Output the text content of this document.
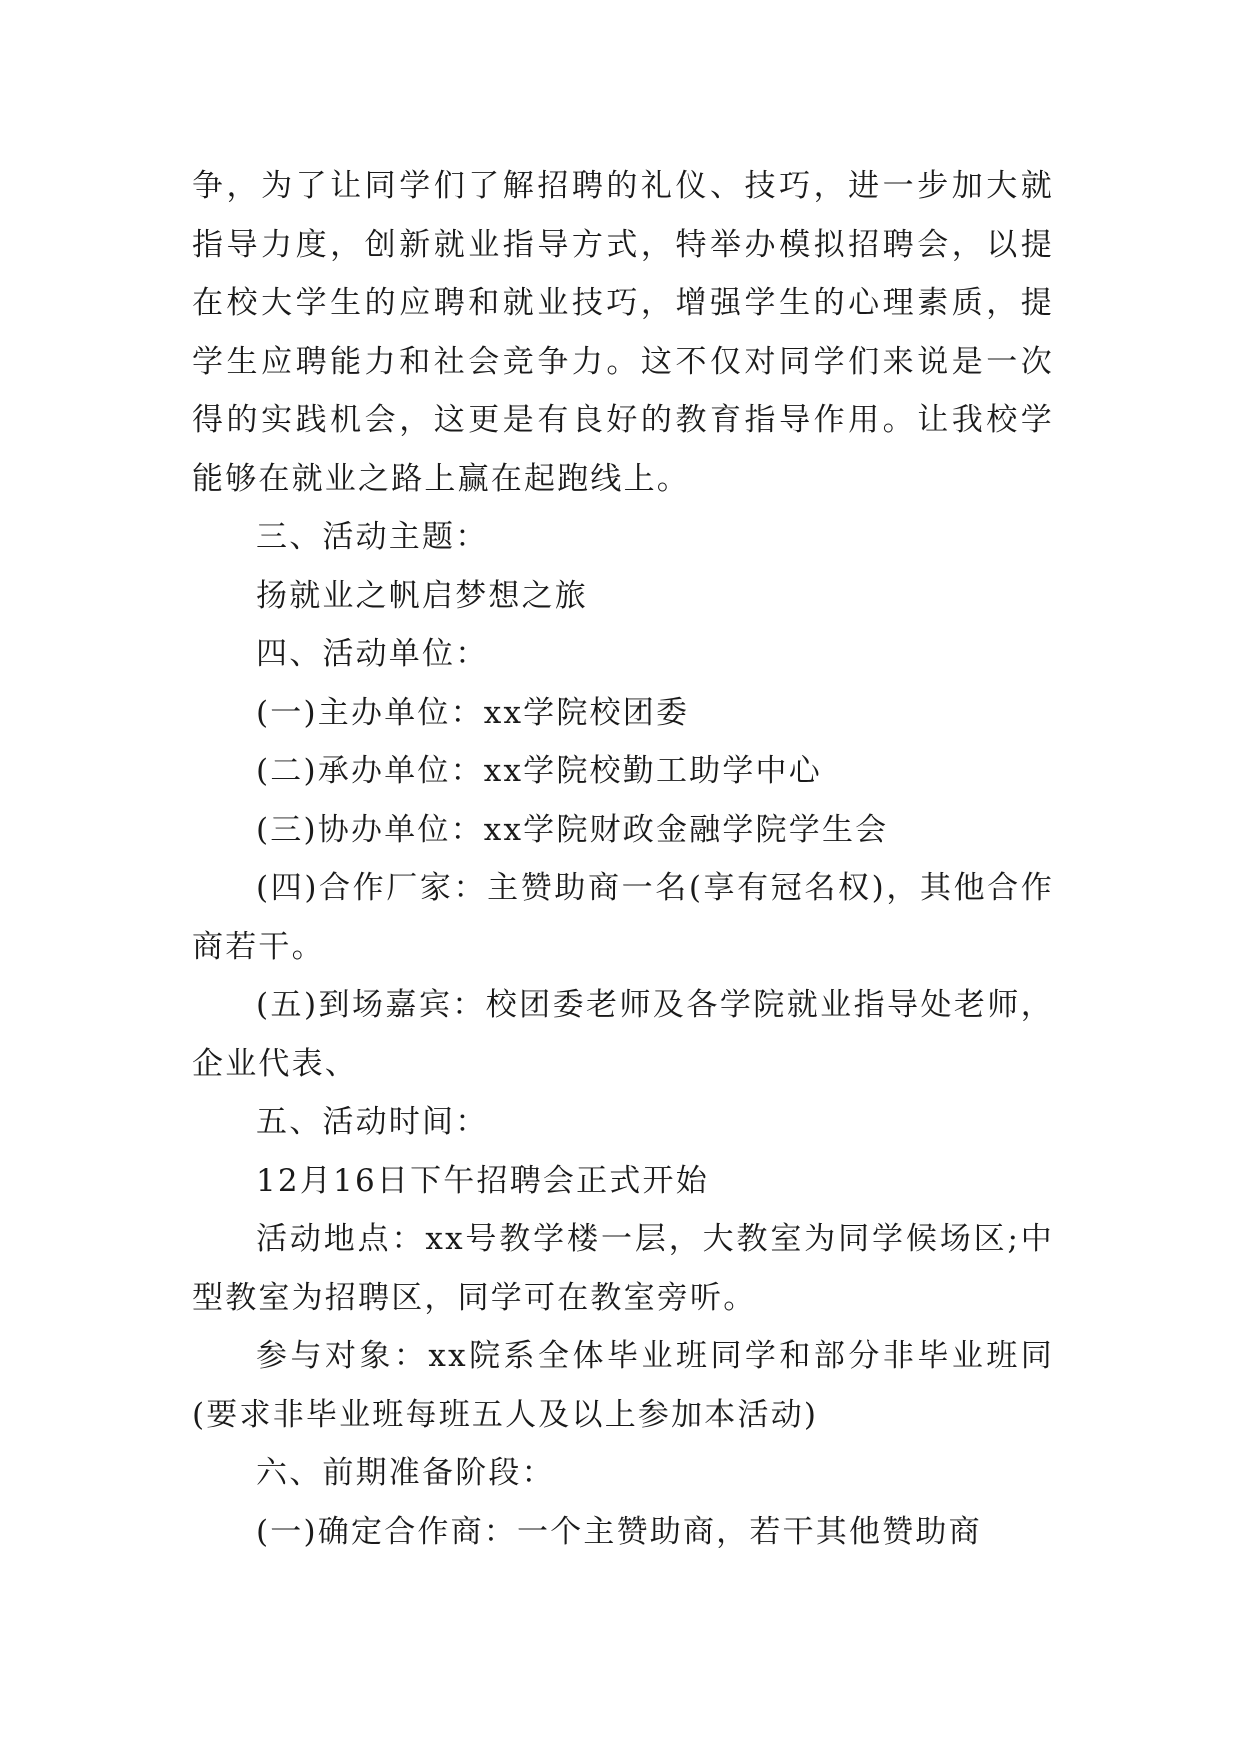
争，为了让同学们了解招聘的礼仪、技巧，进一步加大就
指导力度，创新就业指导方式，特举办模拟招聘会，以提
在校大学生的应聘和就业技巧，增强学生的心理素质，提
学生应聘能力和社会竞争力。这不仅对同学们来说是一次
得的实践机会，这更是有良好的教育指导作用。让我校学
能够在就业之路上赢在起跑线上。
三、活动主题：
扬就业之帆启梦想之旅
四、活动单位：
(一)主办单位：xx学院校团委
(二)承办单位：xx学院校勤工助学中心
(三)协办单位：xx学院财政金融学院学生会
(四)合作厂家：主赞助商一名(享有冠名权)，其他合作
商若干。
(五)到场嘉宾：校团委老师及各学院就业指导处老师，
企业代表、
五、活动时间：
12月16日下午招聘会正式开始
活动地点：xx号教学楼一层，大教室为同学候场区;中
型教室为招聘区，同学可在教室旁听。
参与对象：xx院系全体毕业班同学和部分非毕业班同
(要求非毕业班每班五人及以上参加本活动)
六、前期准备阶段：
(一)确定合作商：一个主赞助商，若干其他赞助商
